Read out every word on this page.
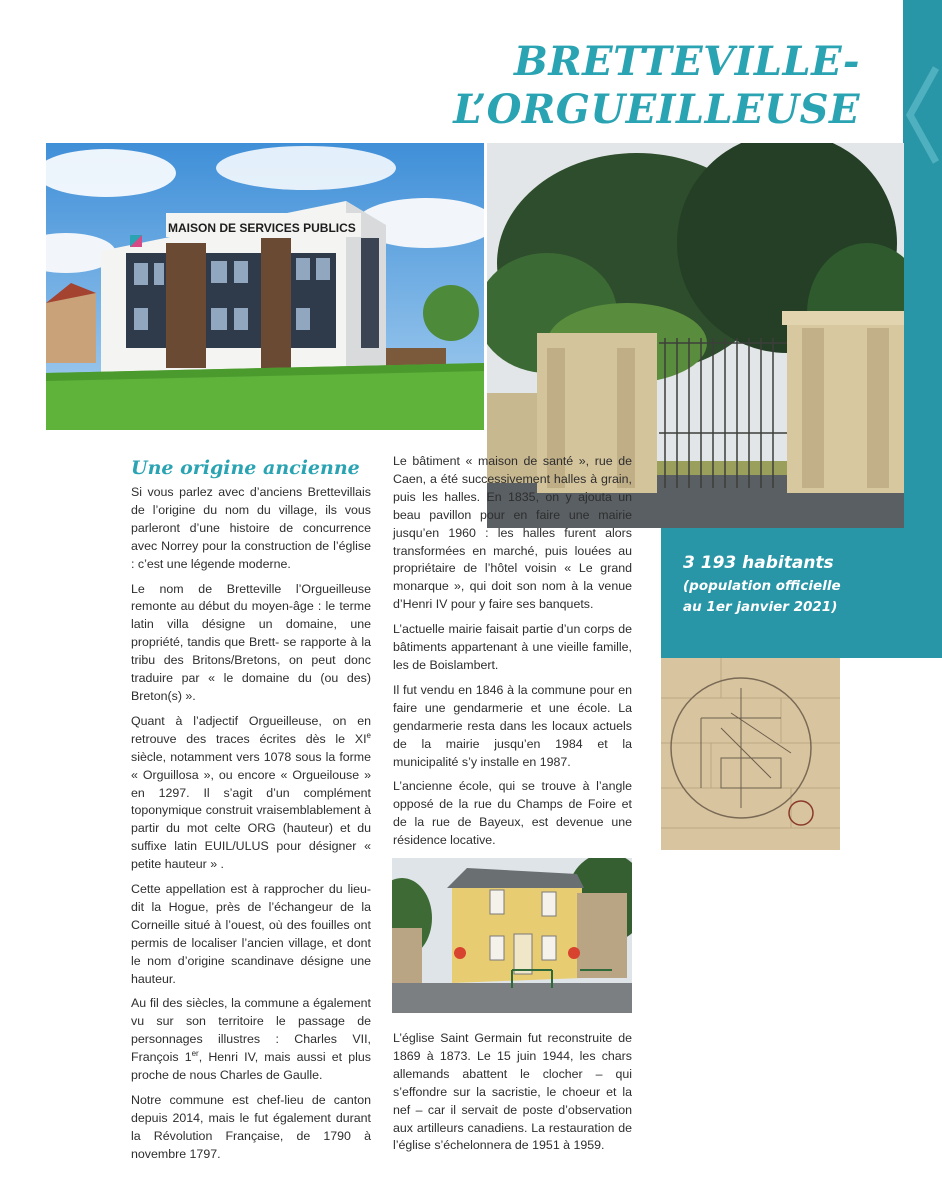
BRETTEVILLE-
L’ORGUEILLEUSE
MAISON DE SERVICES PUBLICS
3 193 habitants
(population officielle
au 1er janvier 2021)
Une origine ancienne

Si vous parlez avec d’anciens Brettevillais de l’origine du nom du village, ils vous parleront d’une histoire de concurrence avec Norrey pour la construction de l’église : c’est une légende moderne.

Le nom de Bretteville l’Orgueilleuse remonte au début du moyen-âge : le terme latin villa désigne un domaine, une propriété, tandis que Brett- se rapporte à la tribu des Britons/Bretons, on peut donc traduire par « le domaine du (ou des) Breton(s) ».

Quant à l’adjectif Orgueilleuse, on en retrouve des traces écrites dès le XIe siècle, notamment vers 1078 sous la forme « Orguillosa », ou encore « Orgueilouse » en 1297. Il s’agit d’un complément toponymique construit vraisemblablement à partir du mot celte ORG (hauteur) et du suffixe latin EUIL/ULUS pour désigner « petite hauteur » .

Cette appellation est à rapprocher du lieu-dit la Hogue, près de l’échangeur de la Corneille situé à l’ouest, où des fouilles ont permis de localiser l’ancien village, et dont le nom d’origine scandinave désigne une hauteur.

Au fil des siècles, la commune a également vu sur son territoire le passage de personnages illustres : Charles VII, François 1er, Henri IV, mais aussi et plus proche de nous Charles de Gaulle.

Notre commune est chef-lieu de canton depuis 2014, mais le fut également durant la Révolution Française, de 1790 à novembre 1797.

Le bâtiment « maison de santé », rue de Caen, a été successivement halles à grain, puis les halles. En 1835, on y ajouta un beau pavillon pour en faire une mairie jusqu’en 1960 : les halles furent alors transformées en marché, puis louées au propriétaire de l’hôtel voisin « Le grand monarque », qui doit son nom à la venue d’Henri IV pour y faire ses banquets.

L’actuelle mairie faisait partie d’un corps de bâtiments appartenant à une vieille famille, les de Boislambert.

Il fut vendu en 1846 à la commune pour en faire une gendarmerie et une école. La gendarmerie resta dans les locaux actuels de la mairie jusqu’en 1984 et la municipalité s’y installe en 1987.

L’ancienne école, qui se trouve à l’angle opposé de la rue du Champs de Foire et de la rue de Bayeux, est devenue une résidence locative.

L’église Saint Germain fut reconstruite de 1869 à 1873. Le 15 juin 1944, les chars allemands abattent le clocher – qui s’effondre sur la sacristie, le choeur et la nef – car il servait de poste d’observation aux artilleurs canadiens. La restauration de l’église s’échelonnera de 1951 à 1959.
